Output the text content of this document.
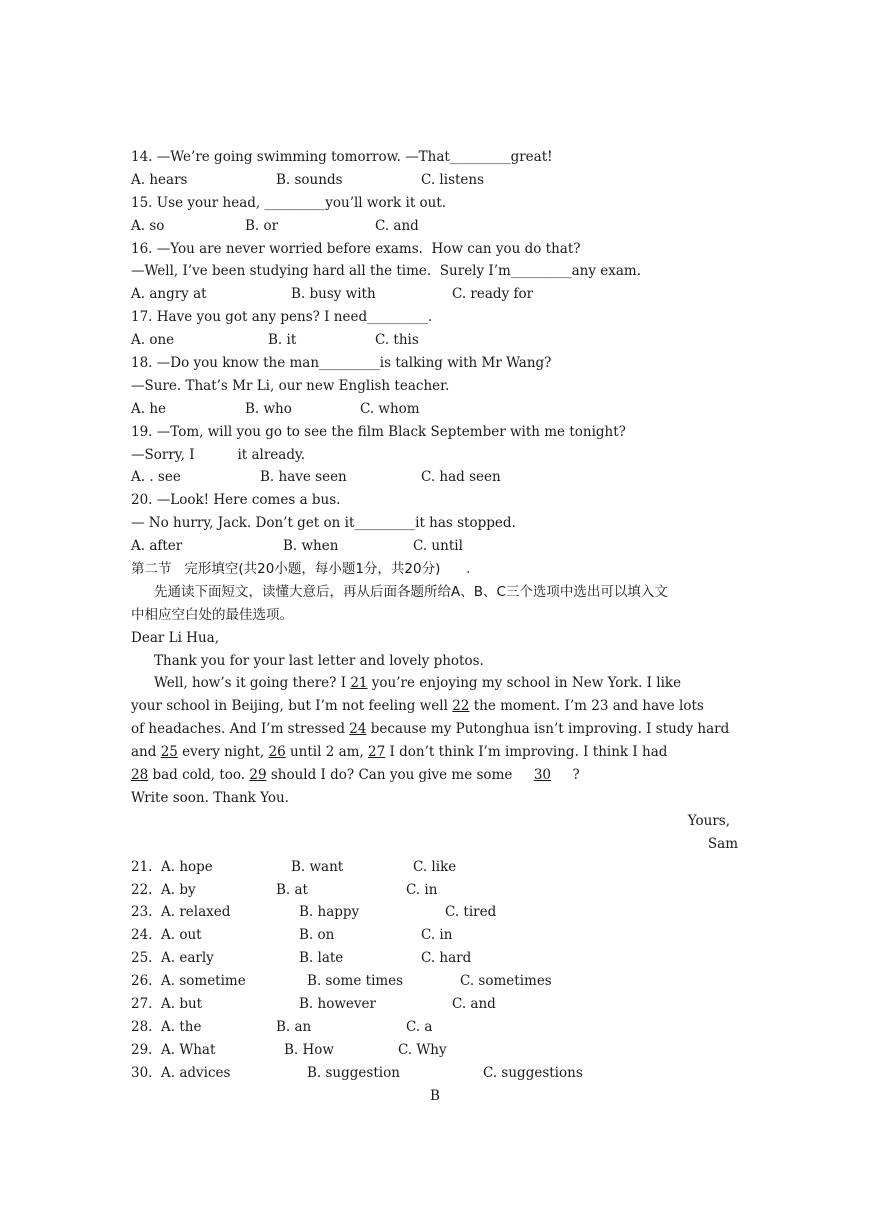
14. —We’re going swimming tomorrow. —That_________great!
A. hears	B. sounds	C. listens
15. Use your head, _________you’ll work it out.
A. so	B. or	C. and
16. —You are never worried before exams.  How can you do that?
—Well, I’ve been studying hard all the time.  Surely I’m_________any exam.
A. angry at	B. busy with	C. ready for
17. Have you got any pens? I need_________.
A. one	B. it	C. this
18. —Do you know the man_________is talking with Mr Wang?
—Sure. That’s Mr Li, our new English teacher.
A. he	B. who	C. whom
19. —Tom, will you go to see the film Black September with me tonight?
—Sorry, I          it already.
A. . see	B. have seen	C. had seen
20. —Look! Here comes a bus.
— No hurry, Jack. Don’t get on it_________it has stopped.
A. after	B. when	C. until
第二节   完形填空(共20小题，每小题1分，共20分)      .
先通读下面短文，读懂大意后，再从后面各题所给A、B、C三个选项中选出可以填入文
中相应空白处的最佳选项。
Dear Li Hua,
Thank you for your last letter and lovely photos.
Well, how’s it going there? I 21 you’re enjoying my school in New York. I like
your school in Beijing, but I’m not feeling well 22 the moment. I’m 23 and have lots
of headaches. And I’m stressed 24 because my Putonghua isn’t improving. I study hard
and 25 every night, 26 until 2 am, 27 I don’t think I’m improving. I think I had
28 bad cold, too. 29 should I do? Can you give me some     30     ?
Write soon. Thank You.
Yours,
Sam
21. A. hope	B. want	C. like
22. A. by	B. at	C. in
23. A. relaxed	B. happy	C. tired
24. A. out	B. on	C. in
25. A. early	B. late	C. hard
26. A. sometime	B. some times	C. sometimes
27. A. but	B. however	C. and
28. A. the	B. an	C. a
29. A. What	B. How	C. Why
30. A. advices	B. suggestion	C. suggestions
B
